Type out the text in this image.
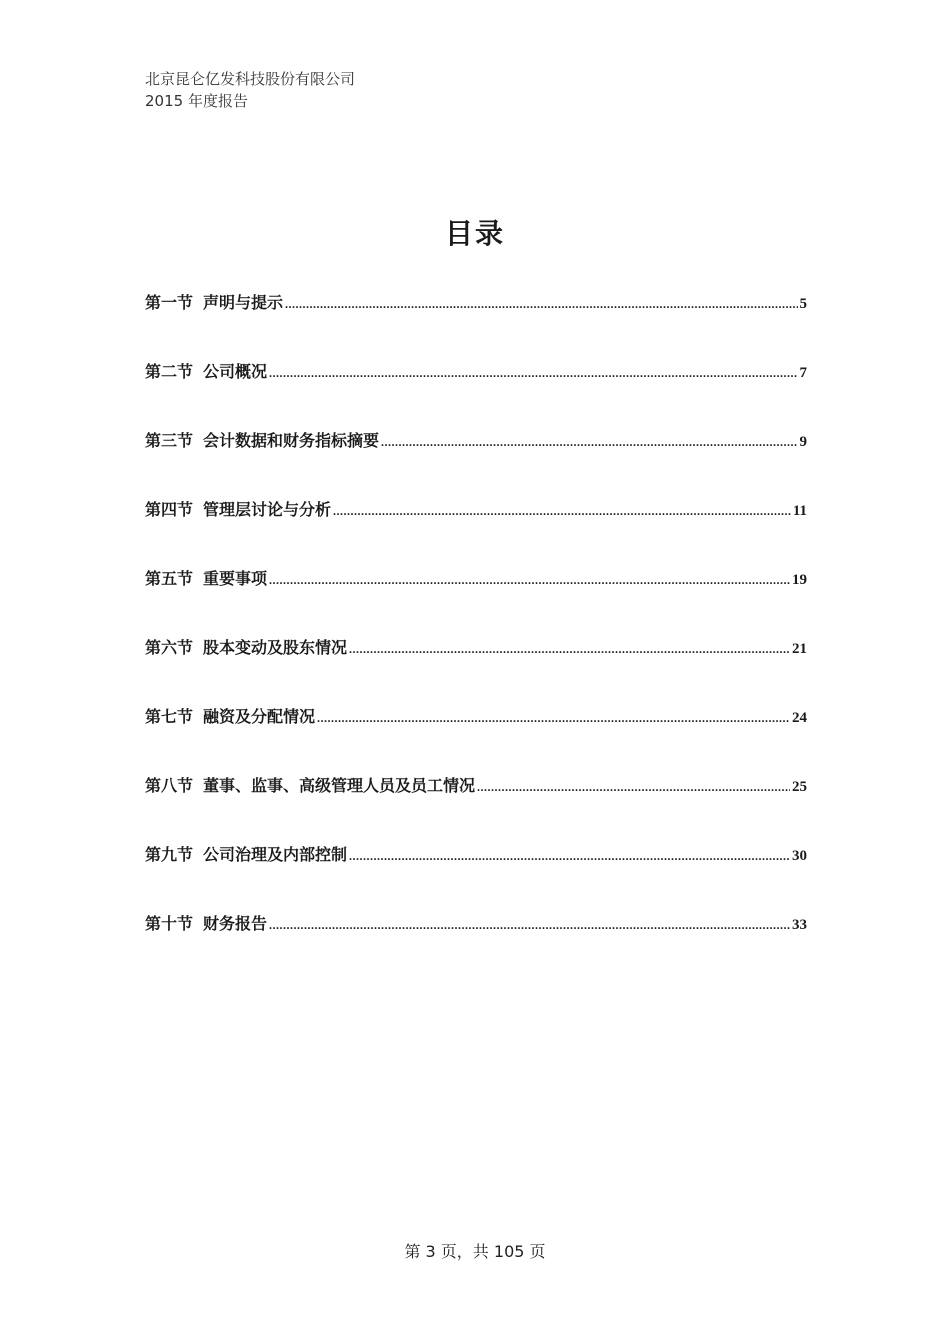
北京昆仑亿发科技股份有限公司
2015 年度报告
目录
第一节 声明与提示 .....	5
第二节 公司概况 .....	7
第三节 会计数据和财务指标摘要 .....	9
第四节 管理层讨论与分析 .....	11
第五节 重要事项 .....	19
第六节 股本变动及股东情况 .....	21
第七节 融资及分配情况 .....	24
第八节 董事、监事、高级管理人员及员工情况 .....	25
第九节 公司治理及内部控制 .....	30
第十节 财务报告 .....	33
第 3 页，共 105 页
